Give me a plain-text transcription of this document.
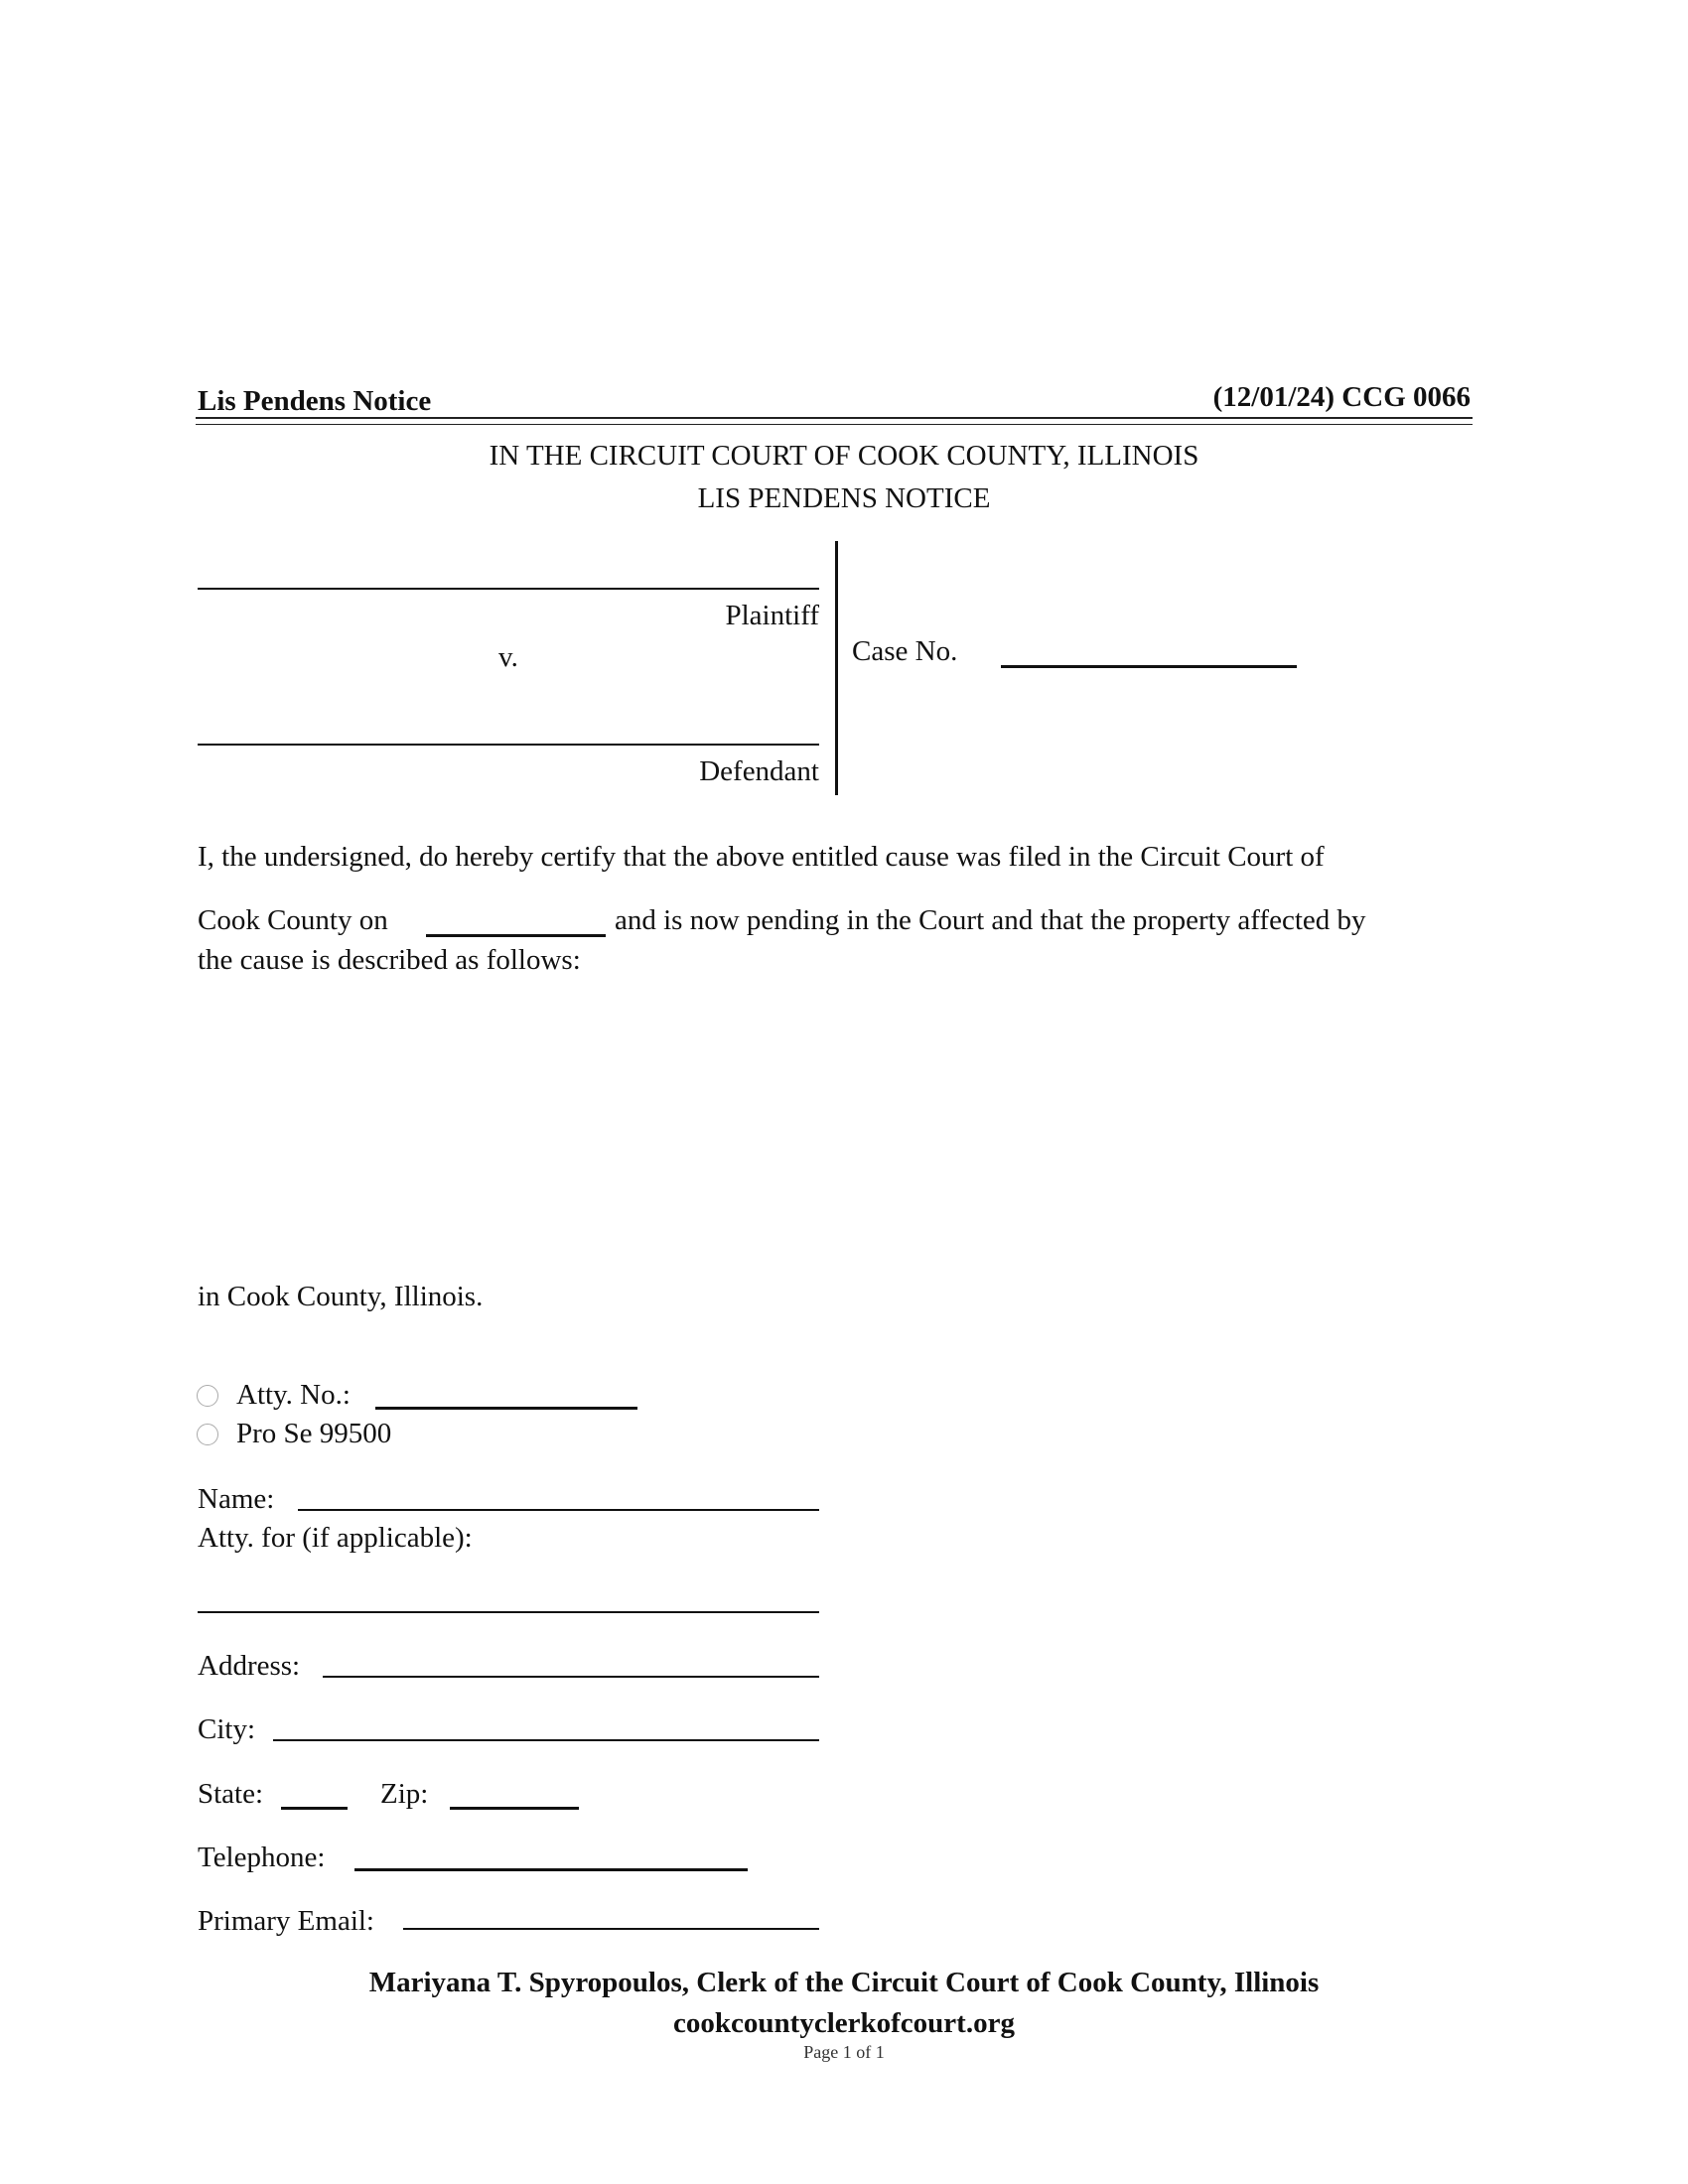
Lis Pendens Notice	(12/01/24) CCG 0066
IN THE CIRCUIT COURT OF COOK COUNTY, ILLINOIS
LIS PENDENS NOTICE
Plaintiff
v.
Defendant
Case No.
I, the undersigned, do hereby certify that the above entitled cause was filed in the Circuit Court of
Cook County on	and is now pending in the Court and that the property affected by
the cause is described as follows:
in Cook County, Illinois.
Atty. No.:
Pro Se 99500
Name:
Atty. for (if applicable):
Address:
City:
State:	Zip:
Telephone:
Primary Email:
Mariyana T. Spyropoulos, Clerk of the Circuit Court of Cook County, Illinois
cookcountyclerkofcourt.org
Page 1 of 1
